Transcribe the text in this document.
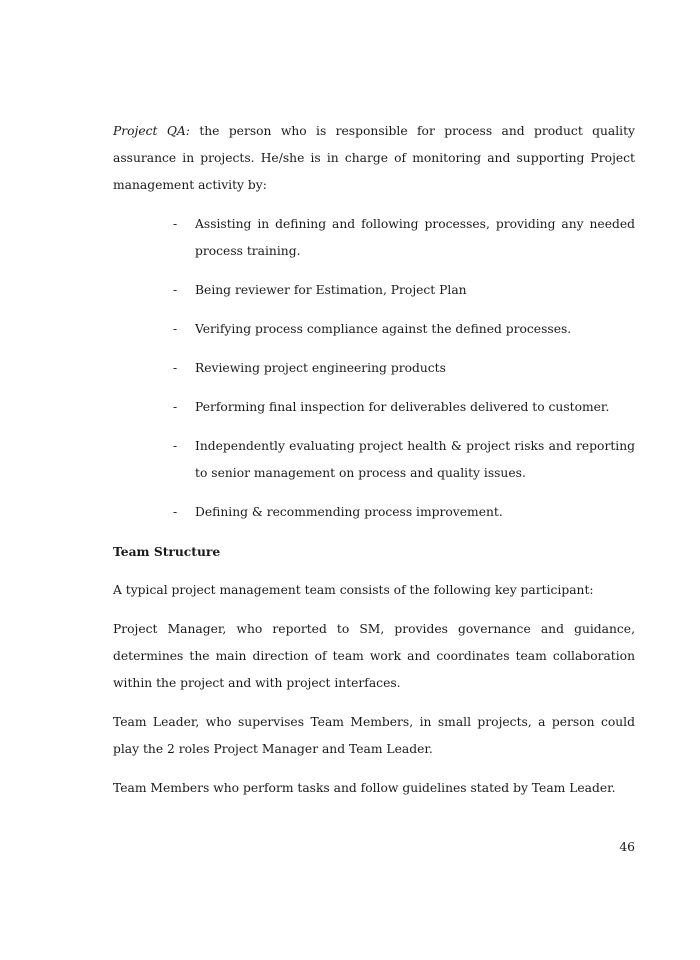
Project QA: the person who is responsible for process and product quality assurance in projects. He/she is in charge of monitoring and supporting Project management activity by:

- Assisting in defining and following processes, providing any needed process training.
- Being reviewer for Estimation, Project Plan
- Verifying process compliance against the defined processes.
- Reviewing project engineering products
- Performing final inspection for deliverables delivered to customer.
- Independently evaluating project health & project risks and reporting to senior management on process and quality issues.
- Defining & recommending process improvement.
Team Structure

A typical project management team consists of the following key participant:

Project Manager, who reported to SM, provides governance and guidance, determines the main direction of team work and coordinates team collaboration within the project and with project interfaces.

Team Leader, who supervises Team Members, in small projects, a person could play the 2 roles Project Manager and Team Leader.

Team Members who perform tasks and follow guidelines stated by Team Leader.

46
